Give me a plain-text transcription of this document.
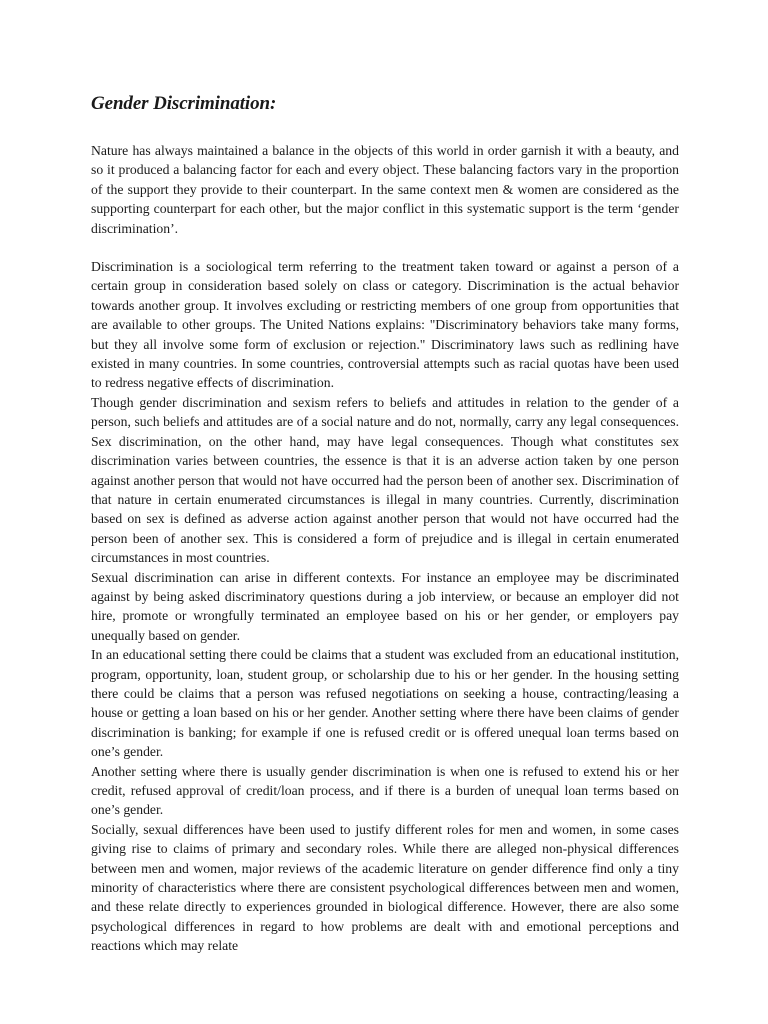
Gender Discrimination:

Nature has always maintained a balance in the objects of this world in order garnish it with a beauty, and so it produced a balancing factor for each and every object. These balancing factors vary in the proportion of the support they provide to their counterpart. In the same context men & women are considered as the supporting counterpart for each other, but the major conflict in this systematic support is the term ‘gender discrimination’.

Discrimination is a sociological term referring to the treatment taken toward or against a person of a certain group in consideration based solely on class or category. Discrimination is the actual behavior towards another group. It involves excluding or restricting members of one group from opportunities that are available to other groups. The United Nations explains: "Discriminatory behaviors take many forms, but they all involve some form of exclusion or rejection." Discriminatory laws such as redlining have existed in many countries. In some countries, controversial attempts such as racial quotas have been used to redress negative effects of discrimination.

Though gender discrimination and sexism refers to beliefs and attitudes in relation to the gender of a person, such beliefs and attitudes are of a social nature and do not, normally, carry any legal consequences. Sex discrimination, on the other hand, may have legal consequences. Though what constitutes sex discrimination varies between countries, the essence is that it is an adverse action taken by one person against another person that would not have occurred had the person been of another sex. Discrimination of that nature in certain enumerated circumstances is illegal in many countries. Currently, discrimination based on sex is defined as adverse action against another person that would not have occurred had the person been of another sex. This is considered a form of prejudice and is illegal in certain enumerated circumstances in most countries.

Sexual discrimination can arise in different contexts. For instance an employee may be discriminated against by being asked discriminatory questions during a job interview, or because an employer did not hire, promote or wrongfully terminated an employee based on his or her gender, or employers pay unequally based on gender.

In an educational setting there could be claims that a student was excluded from an educational institution, program, opportunity, loan, student group, or scholarship due to his or her gender. In the housing setting there could be claims that a person was refused negotiations on seeking a house, contracting/leasing a house or getting a loan based on his or her gender. Another setting where there have been claims of gender discrimination is banking; for example if one is refused credit or is offered unequal loan terms based on one’s gender.

Another setting where there is usually gender discrimination is when one is refused to extend his or her credit, refused approval of credit/loan process, and if there is a burden of unequal loan terms based on one’s gender.

Socially, sexual differences have been used to justify different roles for men and women, in some cases giving rise to claims of primary and secondary roles. While there are alleged non-physical differences between men and women, major reviews of the academic literature on gender difference find only a tiny minority of characteristics where there are consistent psychological differences between men and women, and these relate directly to experiences grounded in biological difference. However, there are also some psychological differences in regard to how problems are dealt with and emotional perceptions and reactions which may relate
